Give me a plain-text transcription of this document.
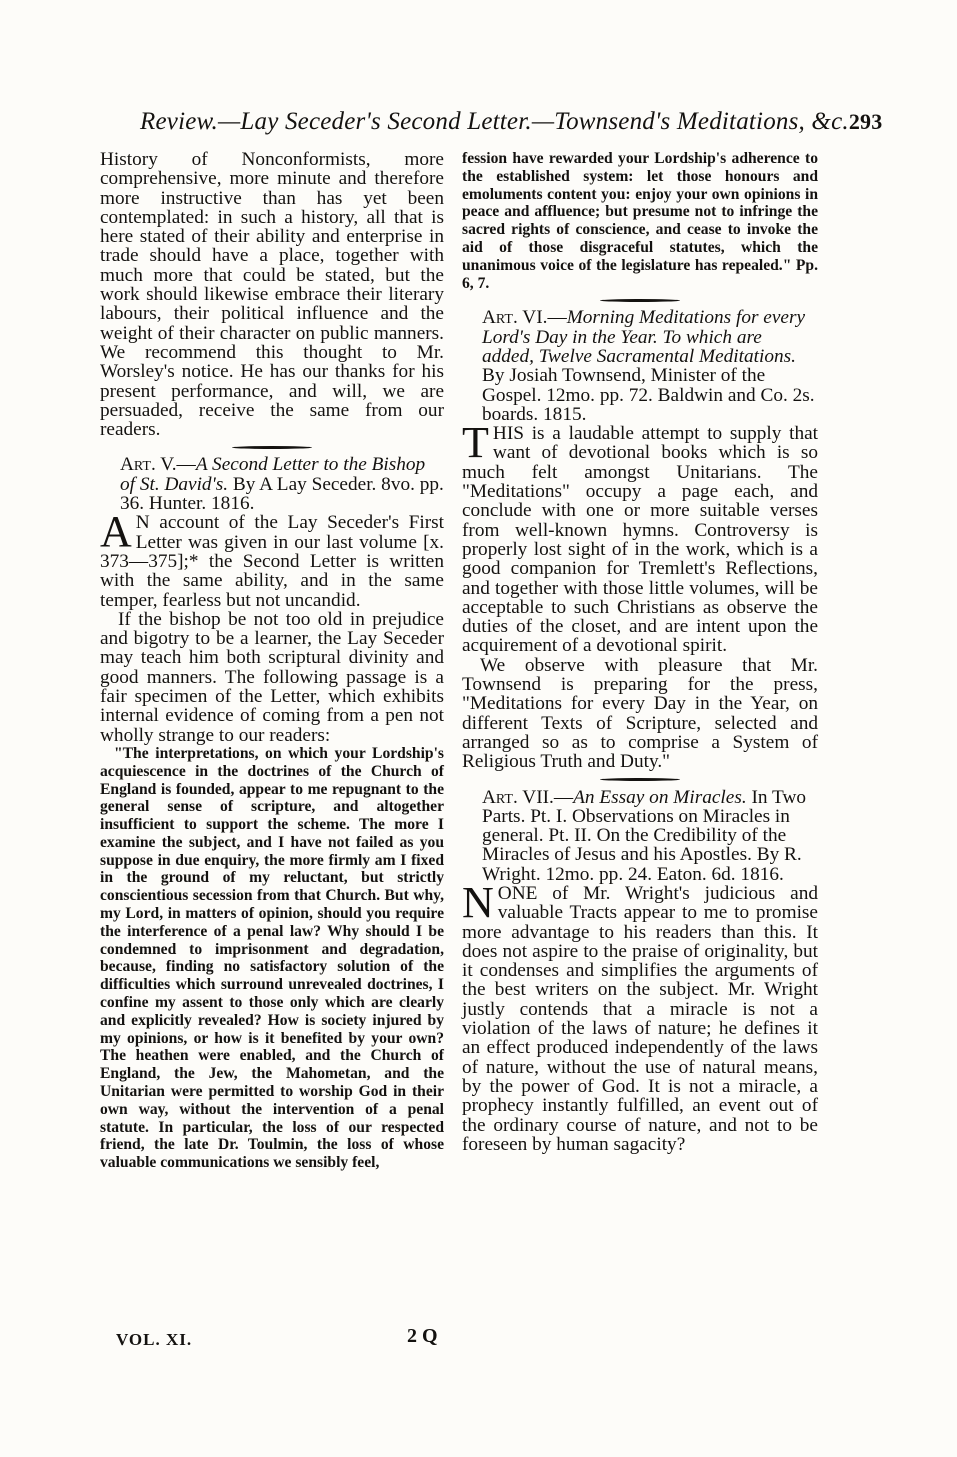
Review.—Lay Seceder's Second Letter.—Townsend's Meditations, &c. 293

History of Nonconformists, more comprehensive, more minute and therefore more instructive than has yet been contemplated: in such a history, all that is here stated of their ability and enterprise in trade should have a place, together with much more that could be stated, but the work should likewise embrace their literary labours, their political influence and the weight of their character on public manners. We recommend this thought to Mr. Worsley's notice. He has our thanks for his present performance, and will, we are persuaded, receive the same from our readers.

Art. V.—A Second Letter to the Bishop of St. David's. By A Lay Seceder. 8vo. pp. 36. Hunter. 1816.

A N account of the Lay Seceder's First Letter was given in our last volume [x. 373—375];* the Second Letter is written with the same ability, and in the same temper, fearless but not uncandid.

If the bishop be not too old in prejudice and bigotry to be a learner, the Lay Seceder may teach him both scriptural divinity and good manners. The following passage is a fair specimen of the Letter, which exhibits internal evidence of coming from a pen not wholly strange to our readers:

"The interpretations, on which your Lordship's acquiescence in the doctrines of the Church of England is founded, appear to me repugnant to the general sense of scripture, and altogether insufficient to support the scheme. The more I examine the subject, and I have not failed as you suppose in due enquiry, the more firmly am I fixed in the ground of my reluctant, but strictly conscientious secession from that Church. But why, my Lord, in matters of opinion, should you require the interference of a penal law? Why should I be condemned to imprisonment and degradation, because, finding no satisfactory solution of the difficulties which surround unrevealed doctrines, I confine my assent to those only which are clearly and explicitly revealed? How is society injured by my opinions, or how is it benefited by your own? The heathen were enabled, and the Church of England, the Jew, the Mahometan, and the Unitarian were permitted to worship God in their own way, without the intervention of a penal statute. In particular, the loss of our respected friend, the late Dr. Toulmin, the loss of whose valuable communications we sensibly feel,

VOL. XI.	2 Q

fession have rewarded your Lordship's adherence to the established system: let those honours and emoluments content you: enjoy your own opinions in peace and affluence; but presume not to infringe the sacred rights of conscience, and cease to invoke the aid of those disgraceful statutes, which the unanimous voice of the legislature has repealed." Pp. 6, 7.

Art. VI.—Morning Meditations for every Lord's Day in the Year. To which are added, Twelve Sacramental Meditations. By Josiah Townsend, Minister of the Gospel. 12mo. pp. 72. Baldwin and Co. 2s. boards. 1815.

THIS is a laudable attempt to supply that want of devotional books which is so much felt amongst Unitarians. The "Meditations" occupy a page each, and conclude with one or more suitable verses from well-known hymns. Controversy is properly lost sight of in the work, which is a good companion for Tremlett's Reflections, and together with those little volumes, will be acceptable to such Christians as observe the duties of the closet, and are intent upon the acquirement of a devotional spirit.

We observe with pleasure that Mr. Townsend is preparing for the press, "Meditations for every Day in the Year, on different Texts of Scripture, selected and arranged so as to comprise a System of Religious Truth and Duty."

Art. VII.—An Essay on Miracles. In Two Parts. Pt. I. Observations on Miracles in general. Pt. II. On the Credibility of the Miracles of Jesus and his Apostles. By R. Wright. 12mo. pp. 24. Eaton. 6d. 1816.

NONE of Mr. Wright's judicious and valuable Tracts appear to me to promise more advantage to his readers than this. It does not aspire to the praise of originality, but it condenses and simplifies the arguments of the best writers on the subject. Mr. Wright justly contends that a miracle is not a violation of the laws of nature; he defines it an effect produced independently of the laws of nature, without the use of natural means, by the power of God. It is not a miracle, a prophecy instantly fulfilled, an event out of the ordinary course of nature, and not to be foreseen by human sagacity?
